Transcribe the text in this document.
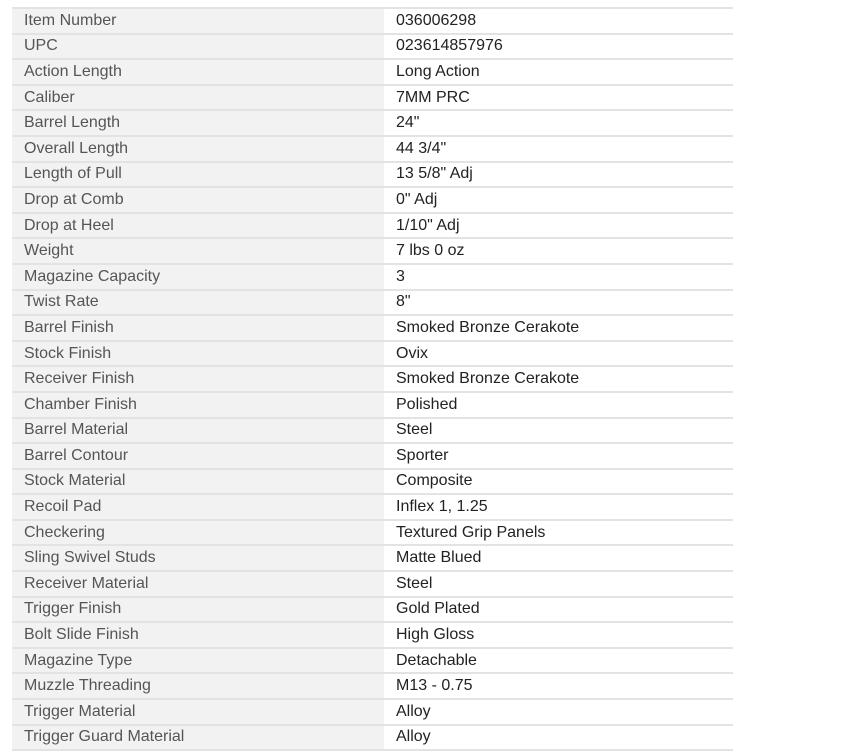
Item Number	036006298
UPC	023614857976
Action Length	Long Action
Caliber	7MM PRC
Barrel Length	24"
Overall Length	44 3/4"
Length of Pull	13 5/8" Adj
Drop at Comb	0" Adj
Drop at Heel	1/10" Adj
Weight	7 lbs 0 oz
Magazine Capacity	3
Twist Rate	8"
Barrel Finish	Smoked Bronze Cerakote
Stock Finish	Ovix
Receiver Finish	Smoked Bronze Cerakote
Chamber Finish	Polished
Barrel Material	Steel
Barrel Contour	Sporter
Stock Material	Composite
Recoil Pad	Inflex 1, 1.25
Checkering	Textured Grip Panels
Sling Swivel Studs	Matte Blued
Receiver Material	Steel
Trigger Finish	Gold Plated
Bolt Slide Finish	High Gloss
Magazine Type	Detachable
Muzzle Threading	M13 - 0.75
Trigger Material	Alloy
Trigger Guard Material	Alloy
